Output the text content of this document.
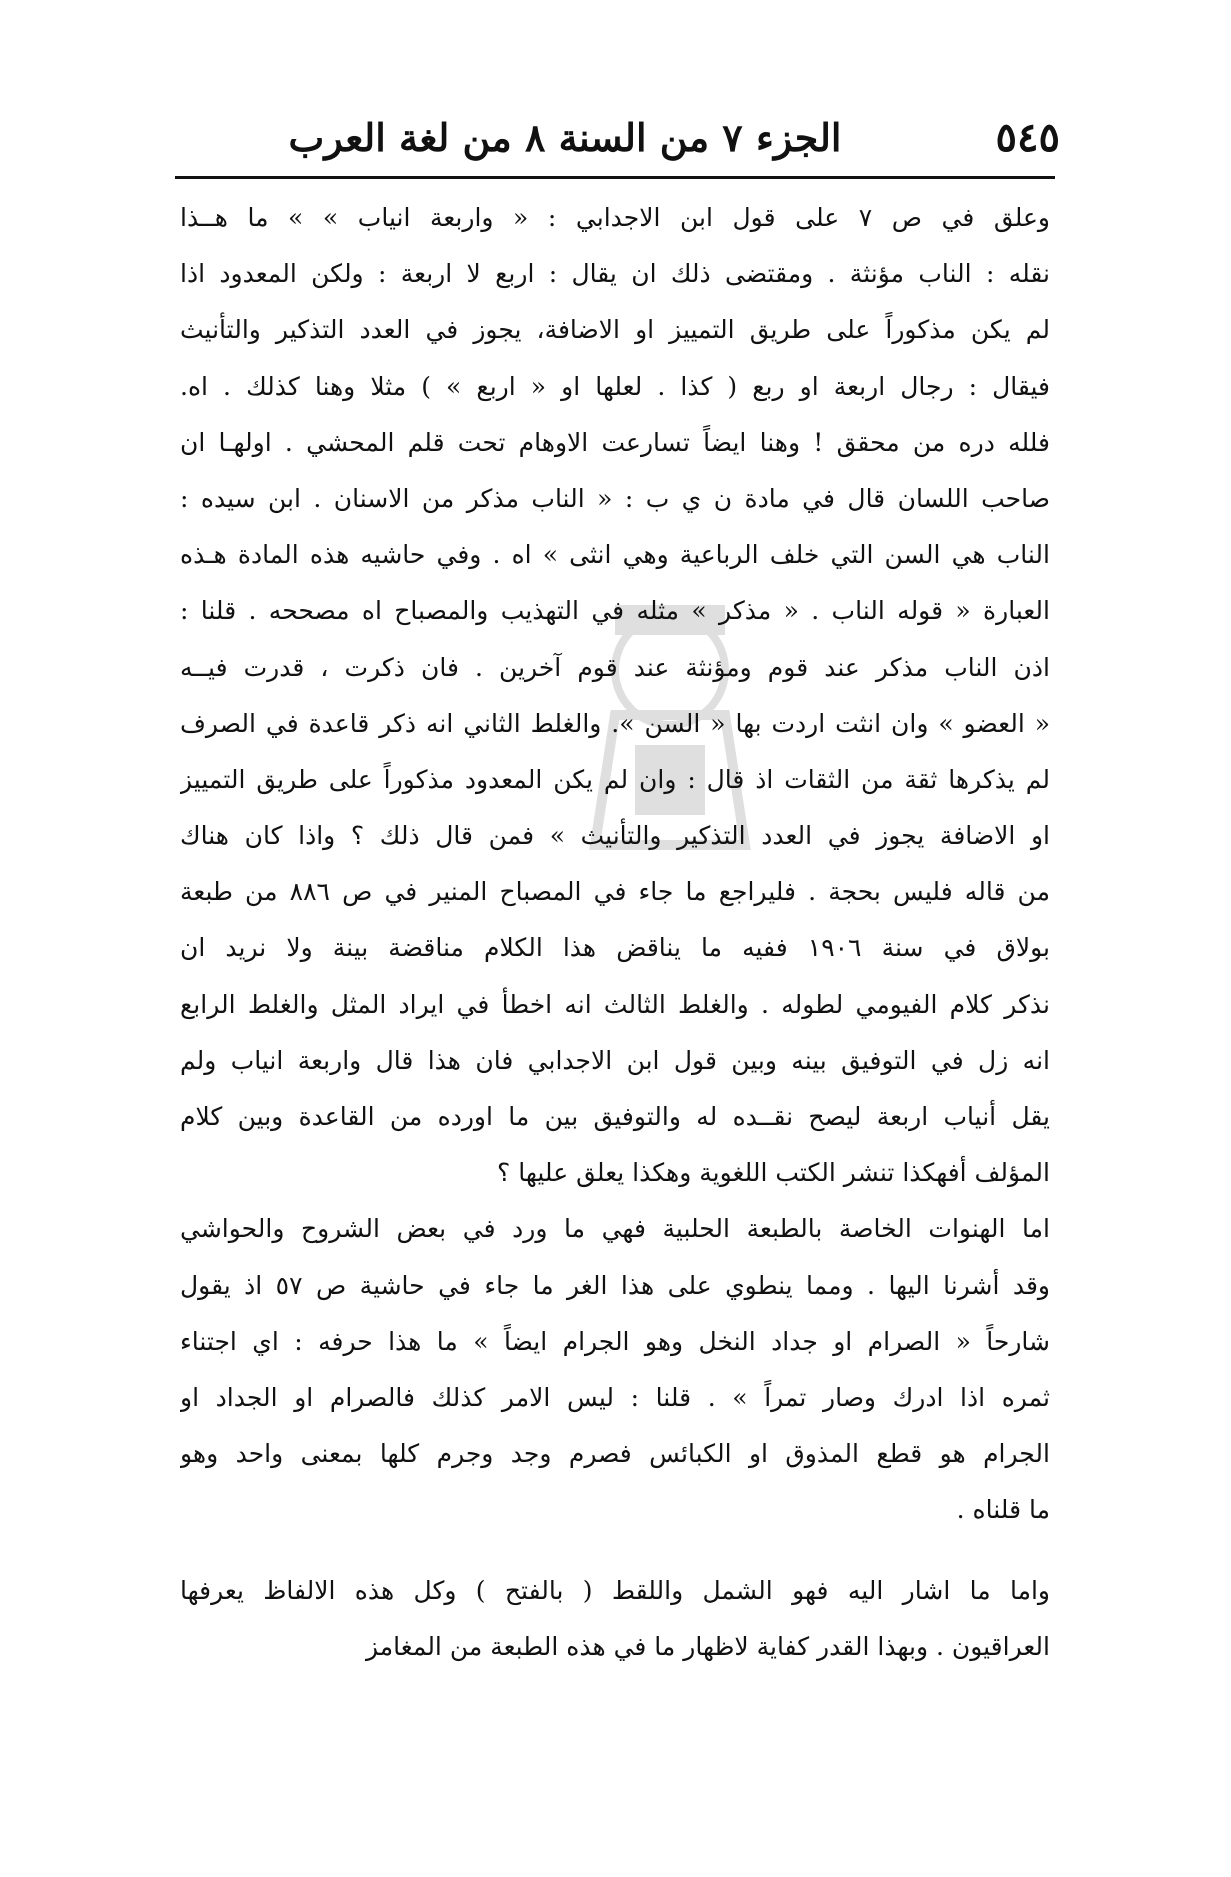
٥٤٥
الجزء ٧ من السنة ٨ من لغة العرب
وعلق في ص ٧ على قول ابن الاجدابي : « واربعة انياب » » ما هــذا
نقله : الناب مؤنثة . ومقتضى ذلك ان يقال : اربع لا اربعة : ولكن المعدود اذا
لم يكن مذكوراً على طريق التمييز او الاضافة، يجوز في العدد التذكير والتأنيث
فيقال : رجال اربعة او ربع ( كذا . لعلها او « اربع » ) مثلا وهنا كذلك . اه.
فلله دره من محقق ! وهنا ايضاً تسارعت الاوهام تحت قلم المحشي . اولهـا ان
صاحب اللسان قال في مادة ن ي ب : « الناب مذكر من الاسنان . ابن سيده :
الناب هي السن التي خلف الرباعية وهي انثى » اه . وفي حاشيه هذه المادة هـذه
العبارة « قوله الناب . « مذكر » مثله في التهذيب والمصباح اه مصححه . قلنا :
اذن الناب مذكر عند قوم ومؤنثة عند قوم آخرين . فان ذكرت ، قدرت فيــه
« العضو » وان انثت اردت بها « السن ». والغلط الثاني انه ذكر قاعدة في الصرف
لم يذكرها ثقة من الثقات اذ قال : وان لم يكن المعدود مذكوراً على طريق التمييز
او الاضافة يجوز في العدد التذكير والتأنيث » فمن قال ذلك ؟ واذا كان هناك
من قاله فليس بحجة . فليراجع ما جاء في المصباح المنير في ص ٨٨٦ من طبعة
بولاق في سنة ١٩٠٦ ففيه ما يناقض هذا الكلام مناقضة بينة ولا نريد ان
نذكر كلام الفيومي لطوله . والغلط الثالث انه اخطأ في ايراد المثل والغلط الرابع
انه زل في التوفيق بينه وبين قول ابن الاجدابي فان هذا قال واربعة انياب ولم
يقل أنياب اربعة ليصح نقــده له والتوفيق بين ما اورده من القاعدة وبين كلام
المؤلف أفهكذا تنشر الكتب اللغوية وهكذا يعلق عليها ؟
اما الهنوات الخاصة بالطبعة الحلبية فهي ما ورد في بعض الشروح والحواشي
وقد أشرنا اليها . ومما ينطوي على هذا الغر ما جاء في حاشية ص ٥٧ اذ يقول
شارحاً « الصرام او جداد النخل وهو الجرام ايضاً » ما هذا حرفه : اي اجتناء
ثمره اذا ادرك وصار تمراً » . قلنا : ليس الامر كذلك فالصرام او الجداد او
الجرام هو قطع المذوق او الكبائس فصرم وجد وجرم كلها بمعنى واحد وهو
ما قلناه .
واما ما اشار اليه فهو الشمل واللقط ( بالفتح ) وكل هذه الالفاظ يعرفها
العراقيون . وبهذا القدر كفاية لاظهار ما في هذه الطبعة من المغامز
